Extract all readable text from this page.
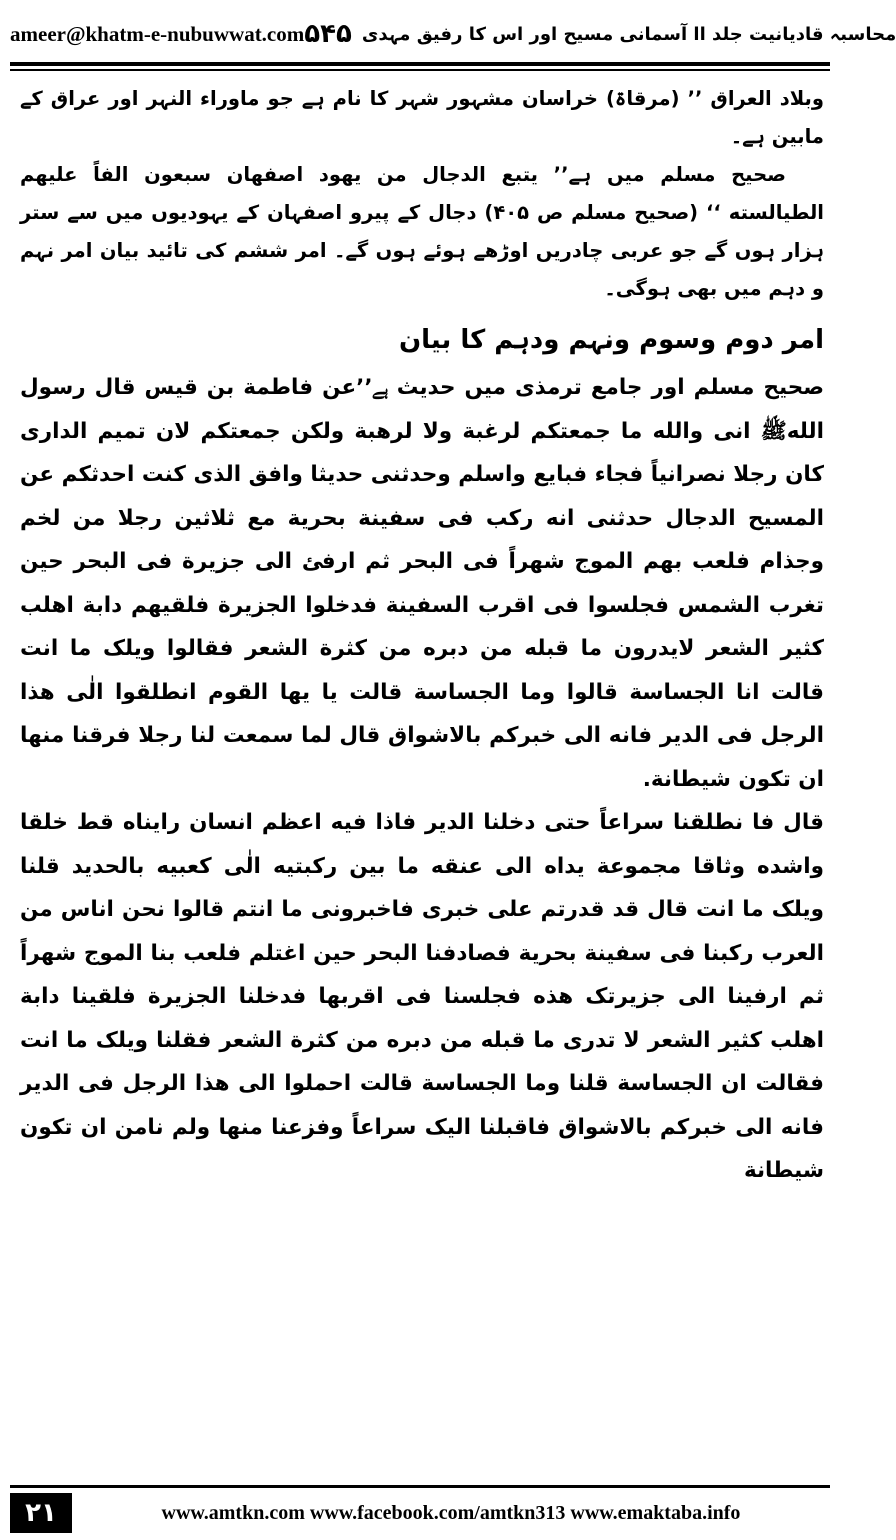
ameer@khatm-e-nubuwwat.com	محاسبہ قادیانیت جلد اا آسمانی مسیح اور اس کا رفیق مہدی
۵۴۵

وبلاد العراق ’’ (مرقاۃ) خراسان مشہور شہر کا نام ہے جو ماوراء النہر اور عراق کے مابین ہے۔

صحیح مسلم میں ہے’’ یتبع الدجال من یھود اصفھان سبعون الفاً علیھم الطیالسته ‘‘ (صحیح مسلم ص ۴۰۵) دجال کے پیرو اصفہان کے یہودیوں میں سے ستر ہزار ہوں گے جو عربی چادریں اوڑھے ہوئے ہوں گے۔ امر ششم کی تائید بیان امر نہم و دہم میں بھی ہوگی۔

امر دوم وسوم ونہم ودہم کا بیان

صحیح مسلم اور جامع ترمذی میں حدیث ہے’’عن فاطمة بن قیس قال رسول اللهﷺ انی والله ما جمعتکم لرغبة ولا لرھبة ولکن جمعتکم لان تمیم الداری کان رجلا نصرانیاً فجاء فبایع واسلم وحدثنی حدیثا وافق الذی کنت احدثکم عن المسیح الدجال حدثنی انه رکب فی سفینة بحریة مع ثلاثین رجلا من لخم وجذام فلعب بھم الموج شھراً فی البحر ثم ارفئ الی جزیرة فی البحر حین تغرب الشمس فجلسوا فی اقرب السفینة فدخلوا الجزیرة فلقیھم دابة اھلب کثیر الشعر لایدرون ما قبله من دبره من کثرة الشعر فقالوا ویلک ما انت قالت انا الجساسة قالوا وما الجساسة قالت یا یھا القوم انطلقوا الٰی ھذا الرجل فی الدیر فانه الی خبرکم بالاشواق قال لما سمعت لنا رجلا فرقنا منھا ان تکون شیطانة.

قال فا نطلقنا سراعاً حتی دخلنا الدیر فاذا فیه اعظم انسان رایناه قط خلقا واشده وثاقا مجموعة یداه الی عنقه ما بین رکبتیه الٰی کعبیه بالحدید قلنا ویلک ما انت قال قد قدرتم علی خبری فاخبرونی ما انتم قالوا نحن اناس من العرب رکبنا فی سفینة بحریة فصادفنا البحر حین اغتلم فلعب بنا الموج شھراً ثم ارفینا الی جزیرتک ھذه فجلسنا فی اقربھا فدخلنا الجزیرة فلقینا دابة اھلب کثیر الشعر لا تدری ما قبله من دبره من کثرة الشعر فقلنا ویلک ما انت فقالت ان الجساسة قلنا وما الجساسة قالت احملوا الی ھذا الرجل فی الدیر فانه الی خبرکم بالاشواق فاقبلنا الیک سراعاً وفزعنا منھا ولم نامن ان تکون شیطانة

۲۱	www.amtkn.com www.facebook.com/amtkn313 www.emaktaba.info
